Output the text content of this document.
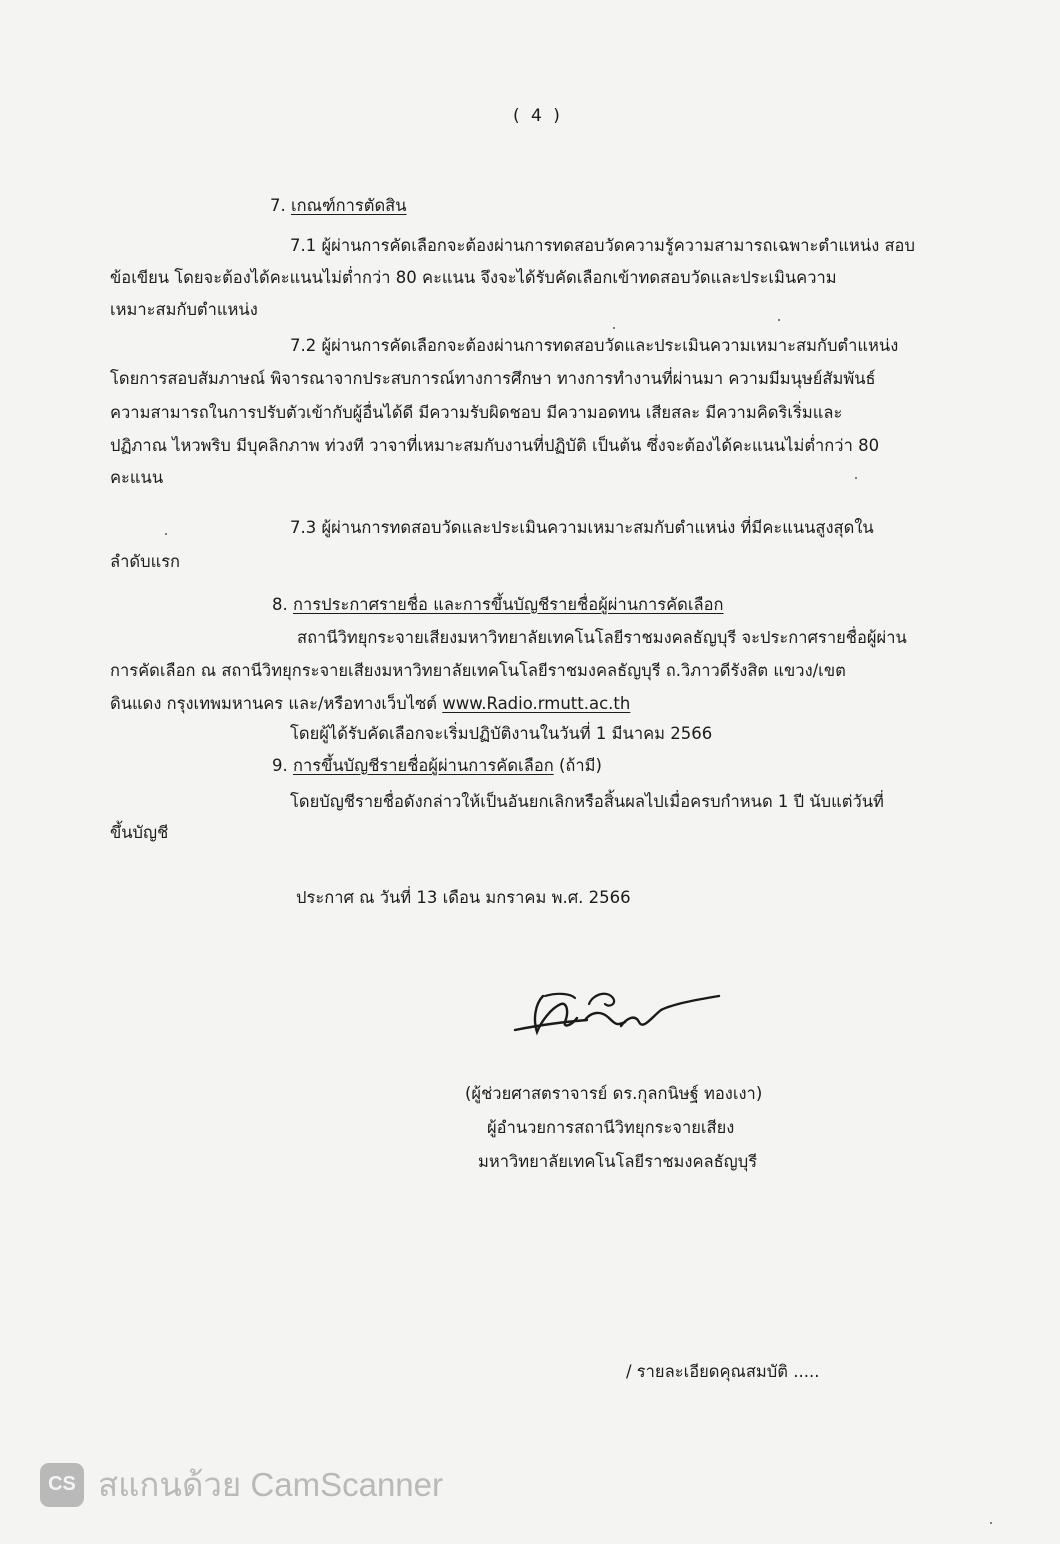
( 4 )
7. เกณฑ์การตัดสิน
7.1 ผู้ผ่านการคัดเลือกจะต้องผ่านการทดสอบวัดความรู้ความสามารถเฉพาะตำแหน่ง สอบ
ข้อเขียน โดยจะต้องได้คะแนนไม่ต่ำกว่า 80 คะแนน จึงจะได้รับคัดเลือกเข้าทดสอบวัดและประเมินความ
เหมาะสมกับตำแหน่ง
7.2 ผู้ผ่านการคัดเลือกจะต้องผ่านการทดสอบวัดและประเมินความเหมาะสมกับตำแหน่ง
โดยการสอบสัมภาษณ์ พิจารณาจากประสบการณ์ทางการศึกษา ทางการทำงานที่ผ่านมา ความมีมนุษย์สัมพันธ์
ความสามารถในการปรับตัวเข้ากับผู้อื่นได้ดี มีความรับผิดชอบ มีความอดทน เสียสละ มีความคิดริเริ่มและ
ปฏิภาณ ไหวพริบ มีบุคลิกภาพ ท่วงที วาจาที่เหมาะสมกับงานที่ปฏิบัติ เป็นต้น ซึ่งจะต้องได้คะแนนไม่ต่ำกว่า 80
คะแนน
7.3 ผู้ผ่านการทดสอบวัดและประเมินความเหมาะสมกับตำแหน่ง ที่มีคะแนนสูงสุดใน
ลำดับแรก
8. การประกาศรายชื่อ และการขึ้นบัญชีรายชื่อผู้ผ่านการคัดเลือก
สถานีวิทยุกระจายเสียงมหาวิทยาลัยเทคโนโลยีราชมงคลธัญบุรี จะประกาศรายชื่อผู้ผ่าน
การคัดเลือก ณ สถานีวิทยุกระจายเสียงมหาวิทยาลัยเทคโนโลยีราชมงคลธัญบุรี ถ.วิภาวดีรังสิต แขวง/เขต
ดินแดง กรุงเทพมหานคร และ/หรือทางเว็บไซต์ www.Radio.rmutt.ac.th
โดยผู้ได้รับคัดเลือกจะเริ่มปฏิบัติงานในวันที่ 1 มีนาคม 2566
9. การขึ้นบัญชีรายชื่อผู้ผ่านการคัดเลือก (ถ้ามี)
โดยบัญชีรายชื่อดังกล่าวให้เป็นอันยกเลิกหรือสิ้นผลไปเมื่อครบกำหนด 1 ปี นับแต่วันที่
ขึ้นบัญชี
ประกาศ ณ วันที่ 13 เดือน มกราคม พ.ศ. 2566
(ผู้ช่วยศาสตราจารย์ ดร.กุลกนิษฐ์ ทองเงา)
ผู้อำนวยการสถานีวิทยุกระจายเสียง
มหาวิทยาลัยเทคโนโลยีราชมงคลธัญบุรี
/ รายละเอียดคุณสมบัติ .....
CS สแกนด้วย CamScanner
